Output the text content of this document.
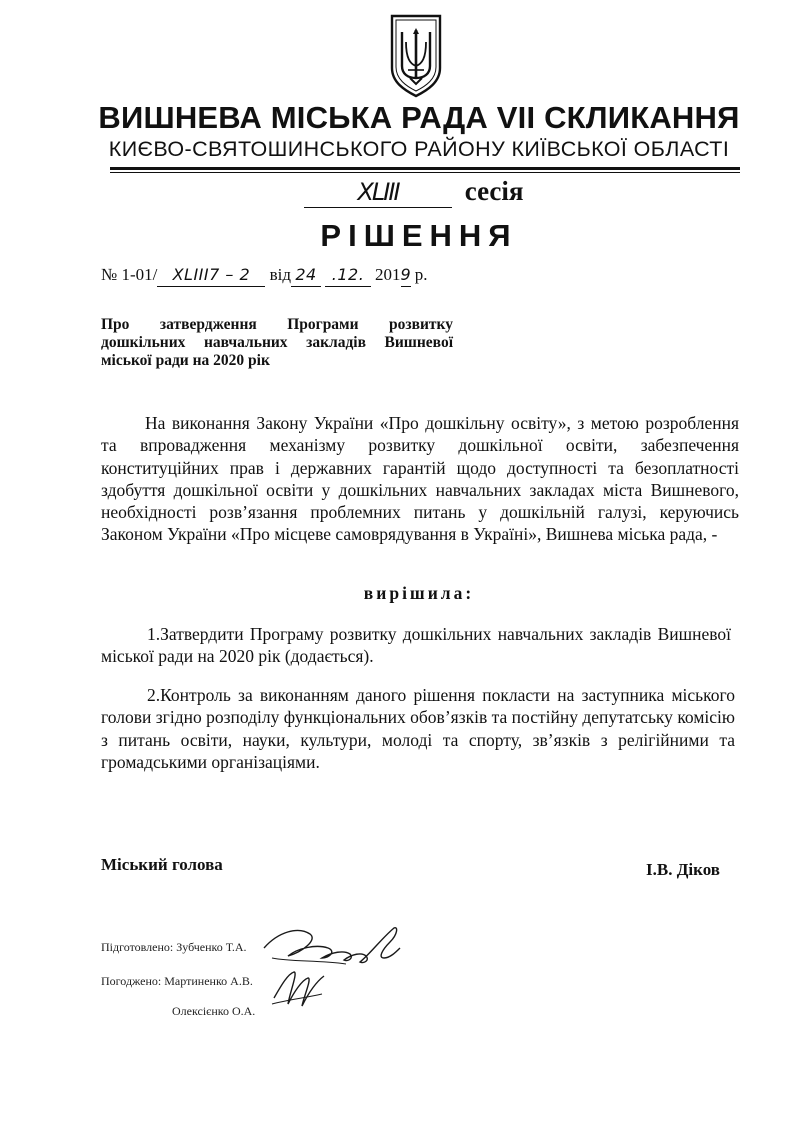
ВИШНЕВА МІСЬКА РАДА VII СКЛИКАННЯ
КИЄВО-СВЯТОШИНСЬКОГО РАЙОНУ КИЇВСЬКОЇ ОБЛАСТІ
XLIII сесія
РІШЕННЯ
№ 1-01/ XLIII7 – 2 від 24 .12. 2019 р.
Про затвердження Програми розвитку дошкільних навчальних закладів Вишневої міської ради на 2020 рік
На виконання Закону України «Про дошкільну освіту», з метою розроблення та впровадження механізму розвитку дошкільної освіти, забезпечення конституційних прав і державних гарантій щодо доступності та безоплатності здобуття дошкільної освіти у дошкільних навчальних закладах міста Вишневого, необхідності розв’язання проблемних питань у дошкільній галузі, керуючись Законом України «Про місцеве самоврядування в Україні», Вишнева міська рада, -
вирішила:
1.Затвердити Програму розвитку дошкільних навчальних закладів Вишневої міської ради на 2020 рік (додається).
2.Контроль за виконанням даного рішення покласти на заступника міського голови згідно розподілу функціональних обов’язків та постійну депутатську комісію з питань освіти, науки, культури, молоді та спорту, зв’язків з релігійними та громадськими організаціями.
Міський голова	І.В. Діков
Підготовлено: Зубченко Т.А.
Погоджено: Мартиненко А.В.
Олексієнко О.А.
